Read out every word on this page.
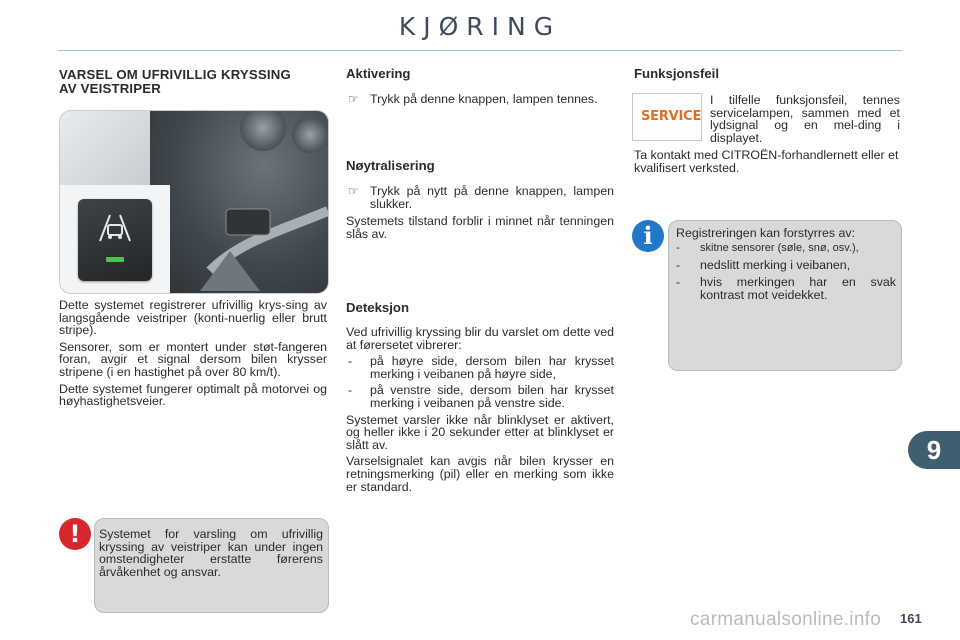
KJØRING
VARSEL OM UFRIVILLIG KRYSSING AV VEISTRIPER

Dette systemet registrerer ufrivillig krys-sing av langsgående veistriper (konti-nuerlig eller brutt stripe).

Sensorer, som er montert under støt-fangeren foran, avgir et signal dersom bilen krysser stripene (i en hastighet på over 80 km/t).

Dette systemet fungerer optimalt på motorvei og høyhastighetsveier.

!	Systemet for varsling om ufrivillig kryssing av veistriper kan under ingen omstendigheter erstatte førerens årvåkenhet og ansvar.
Aktivering
☞ Trykk på denne knappen, lampen tennes.
Nøytralisering
☞ Trykk på nytt på denne knappen, lampen slukker.

Systemets tilstand forblir i minnet når tenningen slås av.

Deteksjon

Ved ufrivillig kryssing blir du varslet om dette ved at førersetet vibrerer:

- på høyre side, dersom bilen har krysset merking i veibanen på høyre side,
- på venstre side, dersom bilen har krysset merking i veibanen på venstre side.

Systemet varsler ikke når blinklyset er aktivert, og heller ikke i 20 sekunder etter at blinklyset er slått av.

Varselsignalet kan avgis når bilen krysser en retningsmerking (pil) eller en merking som ikke er standard.

Funksjonsfeil
SERVICE
I tilfelle funksjonsfeil, tennes servicelampen, sammen med et lydsignal og en mel-ding i displayet.
Ta kontakt med CITROËN-forhandlernett eller et kvalifisert verksted.
i	Registreringen kan forstyrres av:
- skitne sensorer (søle, snø, osv.),
- nedslitt merking i veibanen,
- hvis merkingen har en svak kontrast mot veidekket.
9
carmanualsonline.info 161
